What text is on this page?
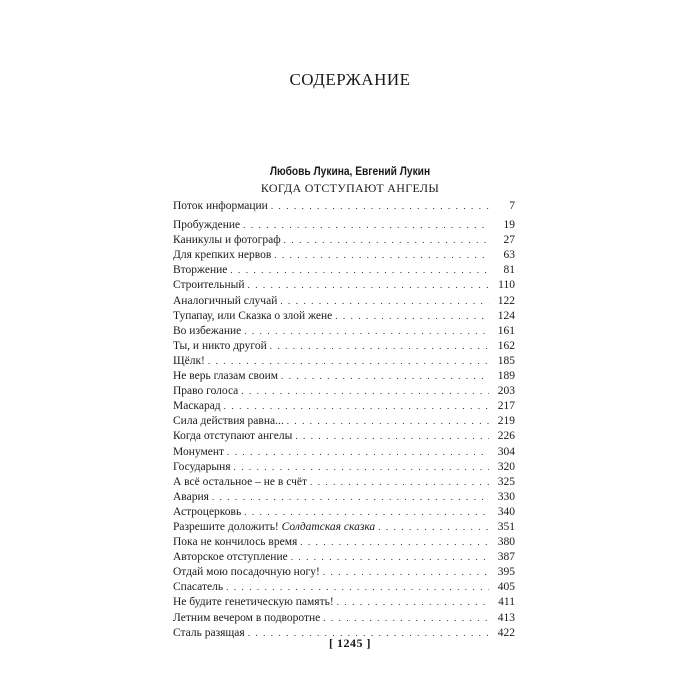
СОДЕРЖАНИЕ
Любовь Лукина, Евгений Лукин
КОГДА ОТСТУПАЮТ АНГЕЛЫ
Поток информации . . .	7
Пробуждение . . .	19
Каникулы и фотограф . . .	27
Для крепких нервов . . .	63
Вторжение . . .	81
Строительный . . .	110
Аналогичный случай . . .	122
Тупапау, или Сказка о злой жене . . .	124
Во избежание . . .	161
Ты, и никто другой . . .	162
Щёлк! . . .	185
Не верь глазам своим . . .	189
Право голоса . . .	203
Маскарад . . .	217
Сила действия равна... . . .	219
Когда отступают ангелы . . .	226
Монумент . . .	304
Государыня . . .	320
А всё остальное – не в счёт . . .	325
Авария . . .	330
Астроцерковь . . .	340
Разрешите доложить! Солдатская сказка . . .	351
Пока не кончилось время . . .	380
Авторское отступление . . .	387
Отдай мою посадочную ногу! . . .	395
Спасатель . . .	405
Не будите генетическую память! . . .	411
Летним вечером в подворотне . . .	413
Сталь разящая . . .	422
[ 1245 ]
